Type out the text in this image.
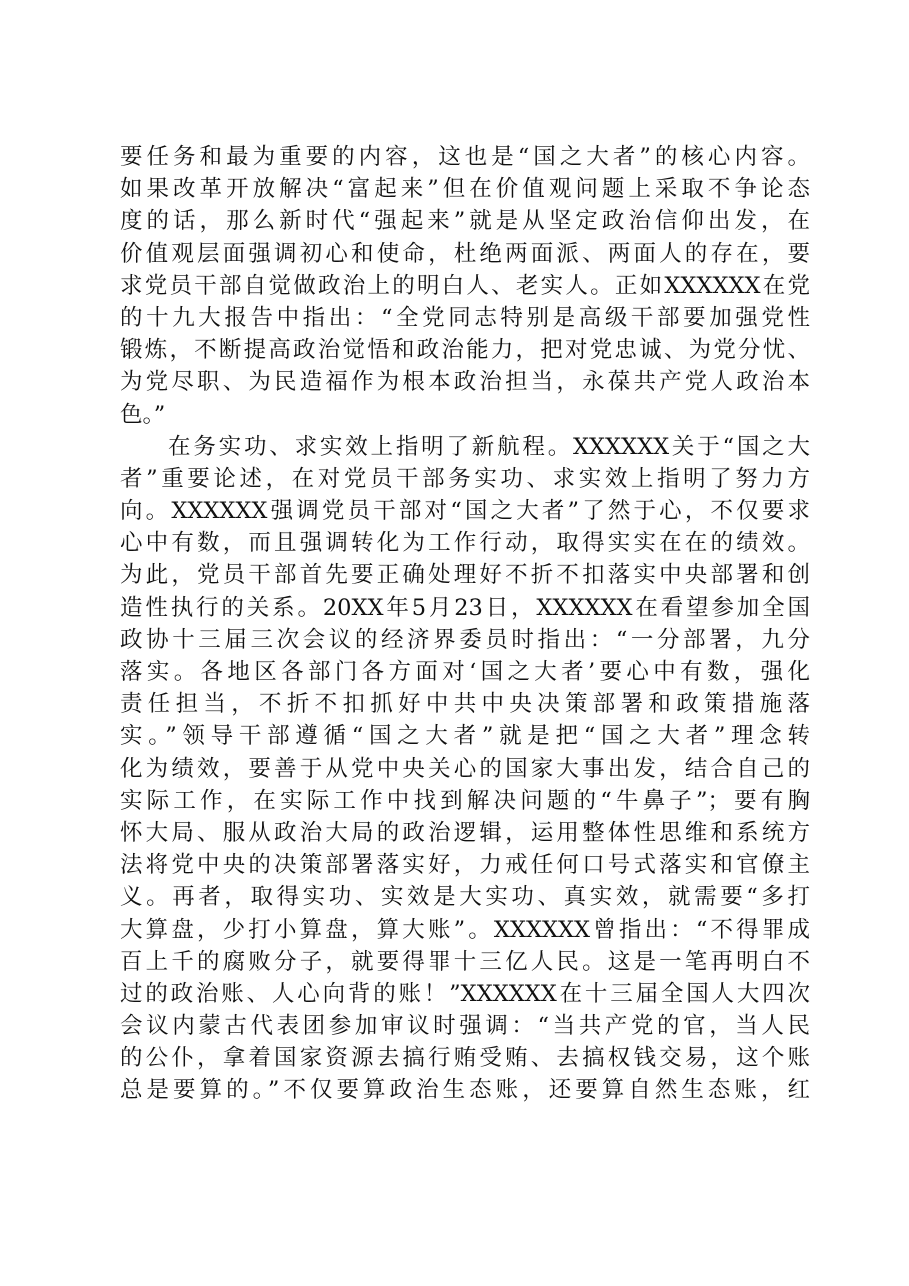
要任务和最为重要的内容，这也是“国之大者”的核心内容。
如果改革开放解决“富起来”但在价值观问题上采取不争论态
度的话，那么新时代“强起来”就是从坚定政治信仰出发，在
价值观层面强调初心和使命，杜绝两面派、两面人的存在，要
求党员干部自觉做政治上的明白人、老实人。正如XXXXXX在党
的十九大报告中指出：“全党同志特别是高级干部要加强党性
锻炼，不断提高政治觉悟和政治能力，把对党忠诚、为党分忧、
为党尽职、为民造福作为根本政治担当，永葆共产党人政治本
色。”
在务实功、求实效上指明了新航程。XXXXXX关于“国之大
者”重要论述，在对党员干部务实功、求实效上指明了努力方
向。XXXXXX强调党员干部对“国之大者”了然于心，不仅要求
心中有数，而且强调转化为工作行动，取得实实在在的绩效。
为此，党员干部首先要正确处理好不折不扣落实中央部署和创
造性执行的关系。20XX年5月23日，XXXXXX在看望参加全国
政协十三届三次会议的经济界委员时指出：“一分部署，九分
落实。各地区各部门各方面对‘国之大者’要心中有数，强化
责任担当，不折不扣抓好中共中央决策部署和政策措施落
实。”领导干部遵循“国之大者”就是把“国之大者”理念转
化为绩效，要善于从党中央关心的国家大事出发，结合自己的
实际工作，在实际工作中找到解决问题的“牛鼻子”；要有胸
怀大局、服从政治大局的政治逻辑，运用整体性思维和系统方
法将党中央的决策部署落实好，力戒任何口号式落实和官僚主
义。再者，取得实功、实效是大实功、真实效，就需要“多打
大算盘，少打小算盘，算大账”。XXXXXX曾指出：“不得罪成
百上千的腐败分子，就要得罪十三亿人民。这是一笔再明白不
过的政治账、人心向背的账！”XXXXXX在十三届全国人大四次
会议内蒙古代表团参加审议时强调：“当共产党的官，当人民
的公仆，拿着国家资源去搞行贿受贿、去搞权钱交易，这个账
总是要算的。”不仅要算政治生态账，还要算自然生态账，红
